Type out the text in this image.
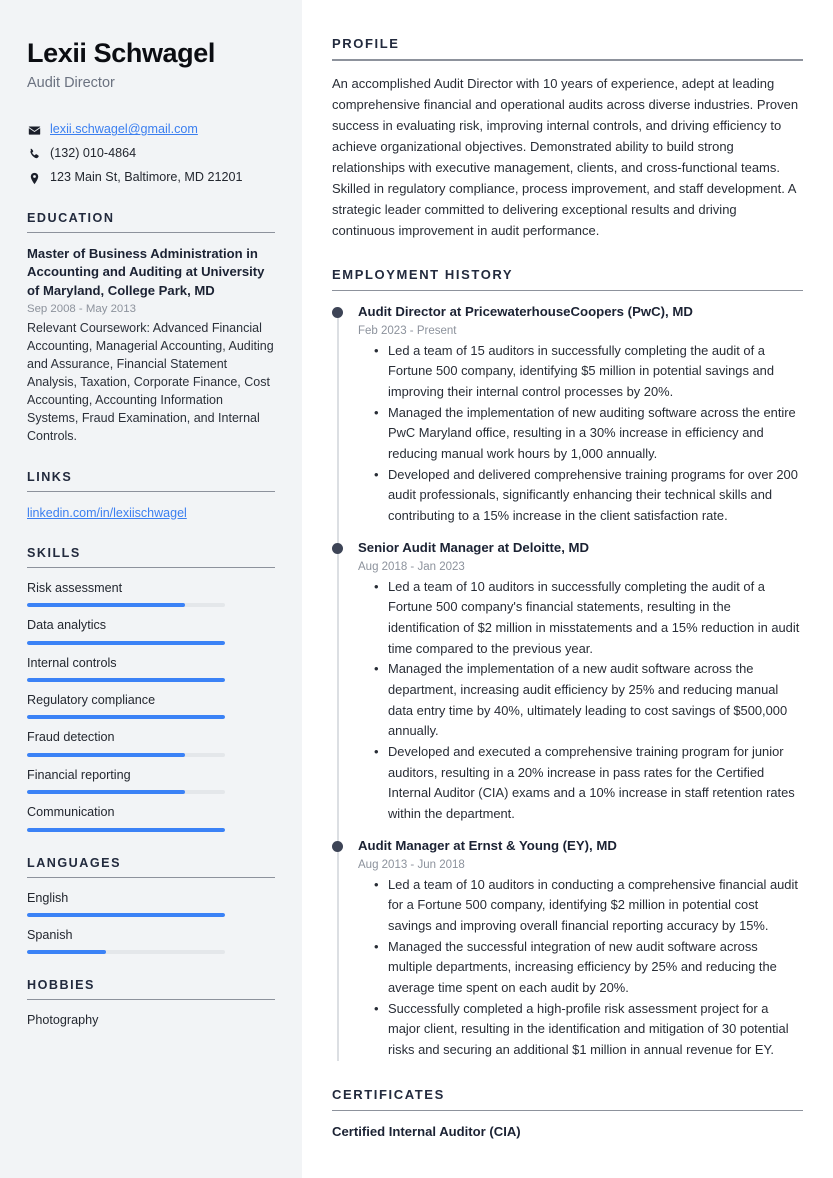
Lexii Schwagel
Audit Director
lexii.schwagel@gmail.com
(132) 010-4864
123 Main St, Baltimore, MD 21201
EDUCATION
Master of Business Administration in Accounting and Auditing at University of Maryland, College Park, MD
Sep 2008 - May 2013
Relevant Coursework: Advanced Financial Accounting, Managerial Accounting, Auditing and Assurance, Financial Statement Analysis, Taxation, Corporate Finance, Cost Accounting, Accounting Information Systems, Fraud Examination, and Internal Controls.
LINKS
linkedin.com/in/lexiischwagel
SKILLS
Risk assessment
Data analytics
Internal controls
Regulatory compliance
Fraud detection
Financial reporting
Communication
LANGUAGES
English
Spanish
HOBBIES
Photography
PROFILE

An accomplished Audit Director with 10 years of experience, adept at leading comprehensive financial and operational audits across diverse industries. Proven success in evaluating risk, improving internal controls, and driving efficiency to achieve organizational objectives. Demonstrated ability to build strong relationships with executive management, clients, and cross-functional teams. Skilled in regulatory compliance, process improvement, and staff development. A strategic leader committed to delivering exceptional results and driving continuous improvement in audit performance.

EMPLOYMENT HISTORY
Audit Director at PricewaterhouseCoopers (PwC), MD
Feb 2023 - Present
• Led a team of 15 auditors in successfully completing the audit of a Fortune 500 company, identifying $5 million in potential savings and improving their internal control processes by 20%.
• Managed the implementation of new auditing software across the entire PwC Maryland office, resulting in a 30% increase in efficiency and reducing manual work hours by 1,000 annually.
• Developed and delivered comprehensive training programs for over 200 audit professionals, significantly enhancing their technical skills and contributing to a 15% increase in the client satisfaction rate.
Senior Audit Manager at Deloitte, MD
Aug 2018 - Jan 2023
• Led a team of 10 auditors in successfully completing the audit of a Fortune 500 company's financial statements, resulting in the identification of $2 million in misstatements and a 15% reduction in audit time compared to the previous year.
• Managed the implementation of a new audit software across the department, increasing audit efficiency by 25% and reducing manual data entry time by 40%, ultimately leading to cost savings of $500,000 annually.
• Developed and executed a comprehensive training program for junior auditors, resulting in a 20% increase in pass rates for the Certified Internal Auditor (CIA) exams and a 10% increase in staff retention rates within the department.
Audit Manager at Ernst & Young (EY), MD
Aug 2013 - Jun 2018
• Led a team of 10 auditors in conducting a comprehensive financial audit for a Fortune 500 company, identifying $2 million in potential cost savings and improving overall financial reporting accuracy by 15%.
• Managed the successful integration of new audit software across multiple departments, increasing efficiency by 25% and reducing the average time spent on each audit by 20%.
• Successfully completed a high-profile risk assessment project for a major client, resulting in the identification and mitigation of 30 potential risks and securing an additional $1 million in annual revenue for EY.
CERTIFICATES
Certified Internal Auditor (CIA)
